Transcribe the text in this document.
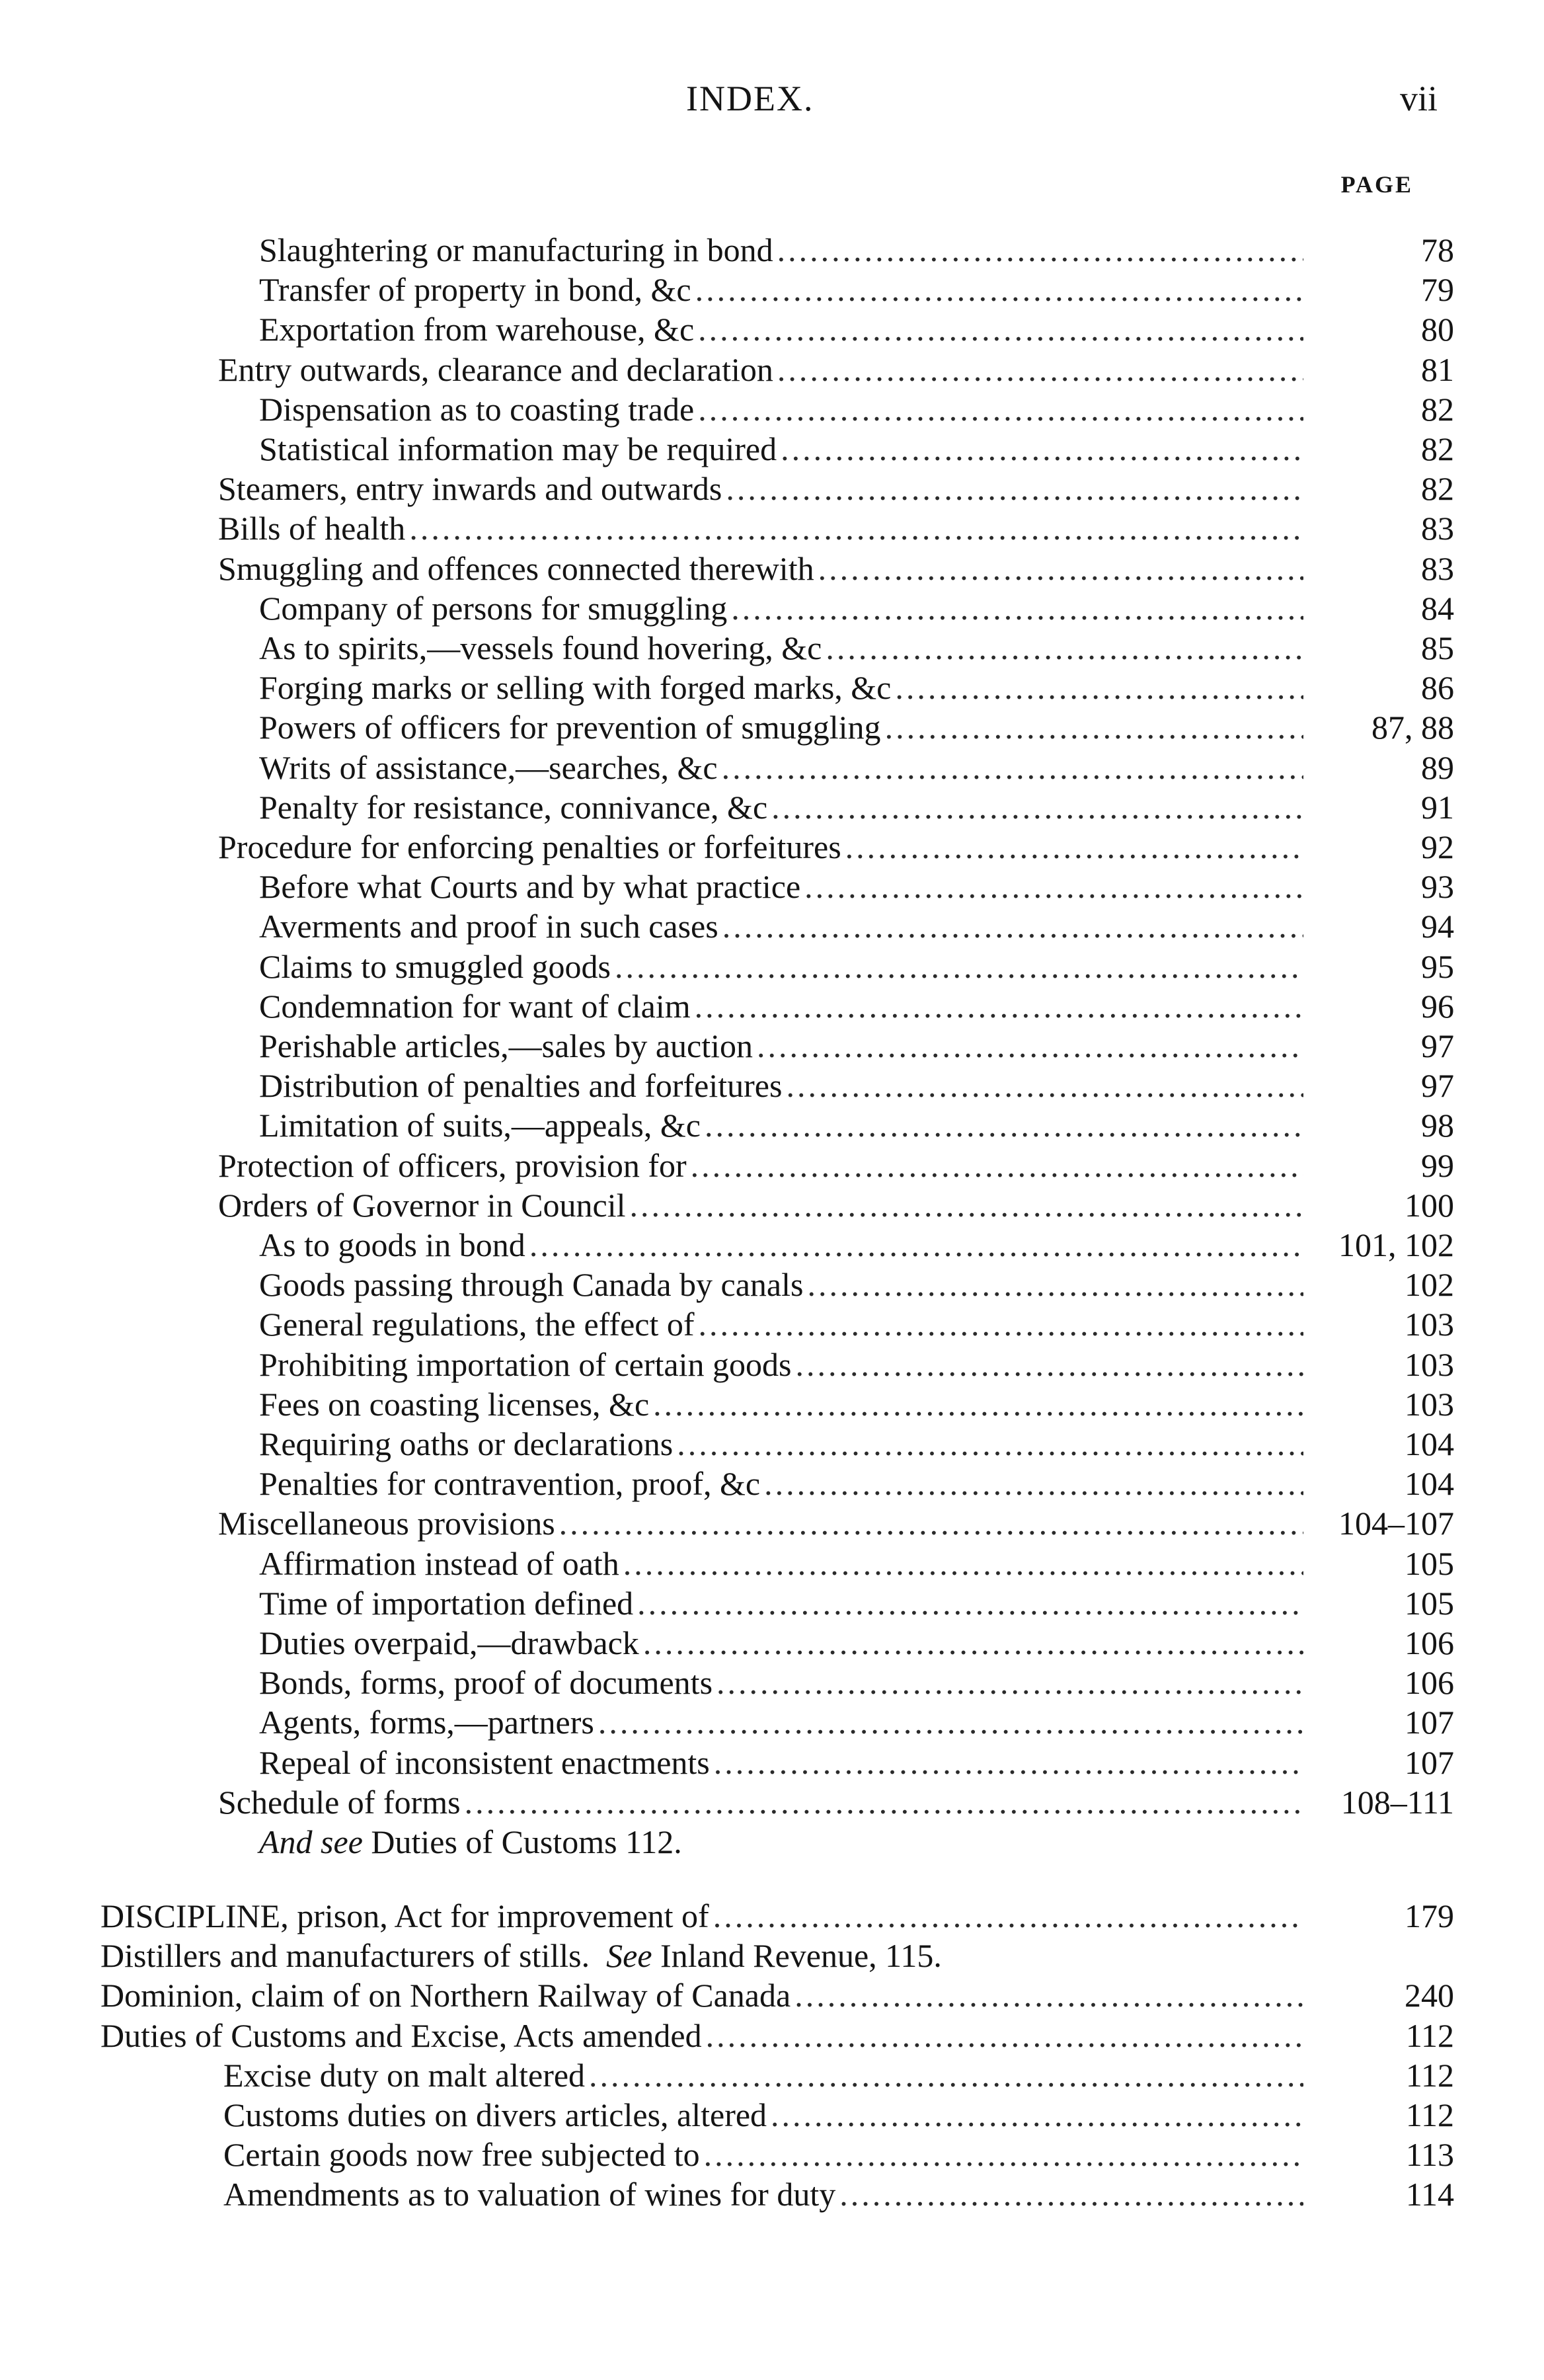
INDEX.	vii
PAGE
Slaughtering or manufacturing in bond .....	78
Transfer of property in bond, &c .....	79
Exportation from warehouse, &c .....	80
Entry outwards, clearance and declaration .....	81
Dispensation as to coasting trade .....	82
Statistical information may be required .....	82
Steamers, entry inwards and outwards .....	82
Bills of health .....	83
Smuggling and offences connected therewith .....	83
Company of persons for smuggling .....	84
As to spirits,—vessels found hovering, &c .....	85
Forging marks or selling with forged marks, &c .....	86
Powers of officers for prevention of smuggling .....	87, 88
Writs of assistance,—searches, &c .....	89
Penalty for resistance, connivance, &c .....	91
Procedure for enforcing penalties or forfeitures .....	92
Before what Courts and by what practice .....	93
Averments and proof in such cases .....	94
Claims to smuggled goods .....	95
Condemnation for want of claim .....	96
Perishable articles,—sales by auction .....	97
Distribution of penalties and forfeitures .....	97
Limitation of suits,—appeals, &c .....	98
Protection of officers, provision for .....	99
Orders of Governor in Council .....	100
As to goods in bond .....	101, 102
Goods passing through Canada by canals .....	102
General regulations, the effect of .....	103
Prohibiting importation of certain goods .....	103
Fees on coasting licenses, &c .....	103
Requiring oaths or declarations .....	104
Penalties for contravention, proof, &c .....	104
Miscellaneous provisions .....	104–107
Affirmation instead of oath .....	105
Time of importation defined .....	105
Duties overpaid,—drawback .....	106
Bonds, forms, proof of documents .....	106
Agents, forms,—partners .....	107
Repeal of inconsistent enactments .....	107
Schedule of forms .....	108–111
And see
Duties of Customs 112.
DISCIPLINE, prison, Act for improvement of .....	179
Distillers and manufacturers of stills.
See
Inland Revenue, 115.
Dominion, claim of on Northern Railway of Canada .....	240
Duties of Customs and Excise, Acts amended .....	112
Excise duty on malt altered .....	112
Customs duties on divers articles, altered .....	112
Certain goods now free subjected to .....	113
Amendments as to valuation of wines for duty .....	114
